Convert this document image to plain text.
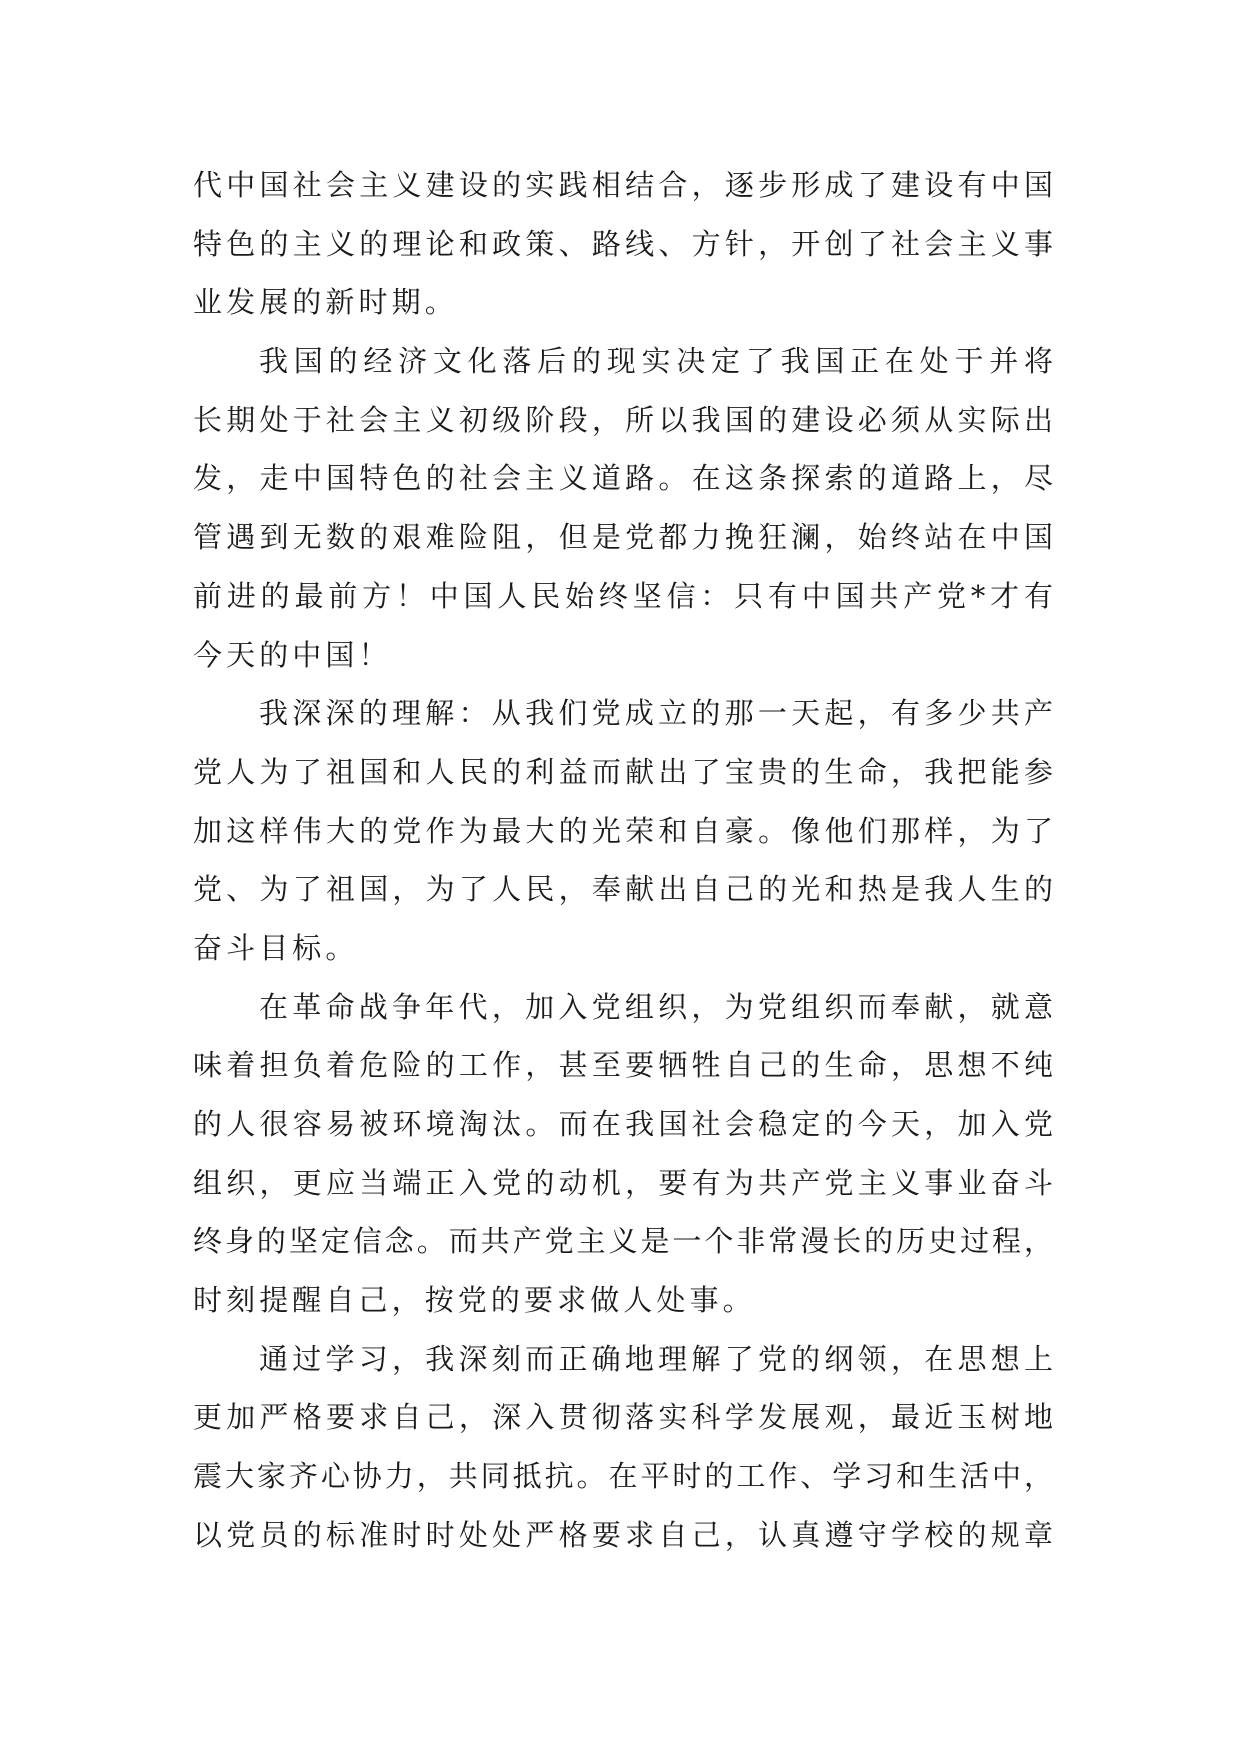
代中国社会主义建设的实践相结合，逐步形成了建设有中国
特色的主义的理论和政策、路线、方针，开创了社会主义事
业发展的新时期。
我国的经济文化落后的现实决定了我国正在处于并将
长期处于社会主义初级阶段，所以我国的建设必须从实际出
发，走中国特色的社会主义道路。在这条探索的道路上，尽
管遇到无数的艰难险阻，但是党都力挽狂澜，始终站在中国
前进的最前方！中国人民始终坚信：只有中国共产党*才有
今天的中国！
我深深的理解：从我们党成立的那一天起，有多少共产
党人为了祖国和人民的利益而献出了宝贵的生命，我把能参
加这样伟大的党作为最大的光荣和自豪。像他们那样，为了
党、为了祖国，为了人民，奉献出自己的光和热是我人生的
奋斗目标。
在革命战争年代，加入党组织，为党组织而奉献，就意
味着担负着危险的工作，甚至要牺牲自己的生命，思想不纯
的人很容易被环境淘汰。而在我国社会稳定的今天，加入党
组织，更应当端正入党的动机，要有为共产党主义事业奋斗
终身的坚定信念。而共产党主义是一个非常漫长的历史过程，
时刻提醒自己，按党的要求做人处事。
通过学习，我深刻而正确地理解了党的纲领，在思想上
更加严格要求自己，深入贯彻落实科学发展观，最近玉树地
震大家齐心协力，共同抵抗。在平时的工作、学习和生活中，
以党员的标准时时处处严格要求自己，认真遵守学校的规章
